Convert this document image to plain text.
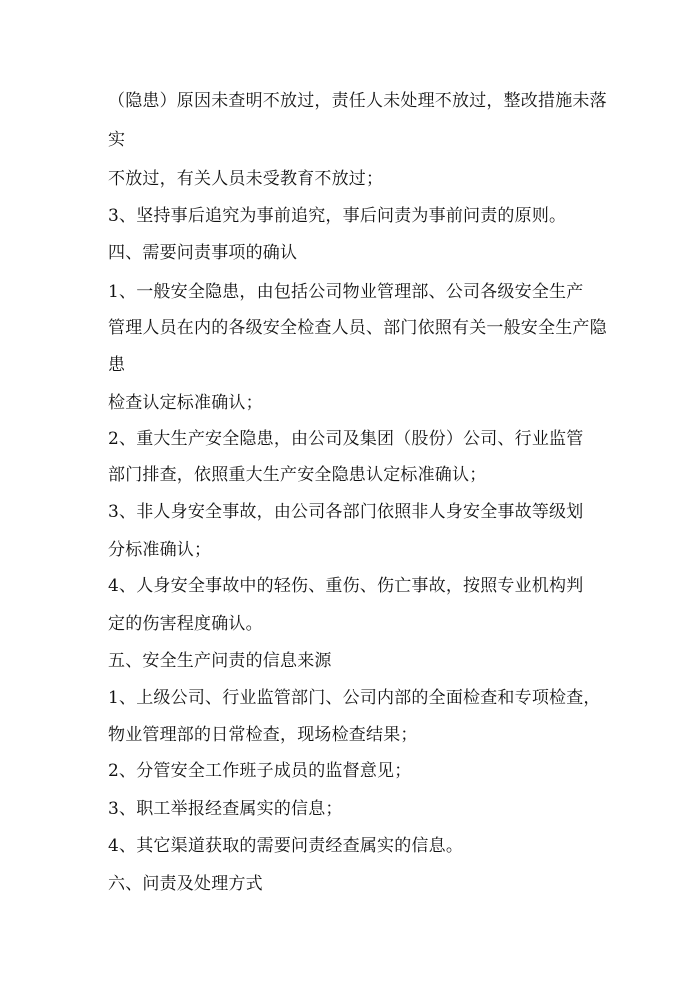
（隐患）原因未查明不放过，责任人未处理不放过，整改措施未落
实
不放过，有关人员未受教育不放过；
3、坚持事后追究为事前追究，事后问责为事前问责的原则。
四、需要问责事项的确认
1、一般安全隐患，由包括公司物业管理部、公司各级安全生产
管理人员在内的各级安全检查人员、部门依照有关一般安全生产隐
患
检查认定标准确认；
2、重大生产安全隐患，由公司及集团（股份）公司、行业监管
部门排查，依照重大生产安全隐患认定标准确认；
3、非人身安全事故，由公司各部门依照非人身安全事故等级划
分标准确认；
4、人身安全事故中的轻伤、重伤、伤亡事故，按照专业机构判
定的伤害程度确认。
五、安全生产问责的信息来源
1、上级公司、行业监管部门、公司内部的全面检查和专项检查，
物业管理部的日常检查，现场检查结果；
2、分管安全工作班子成员的监督意见；
3、职工举报经查属实的信息；
4、其它渠道获取的需要问责经查属实的信息。
六、问责及处理方式
